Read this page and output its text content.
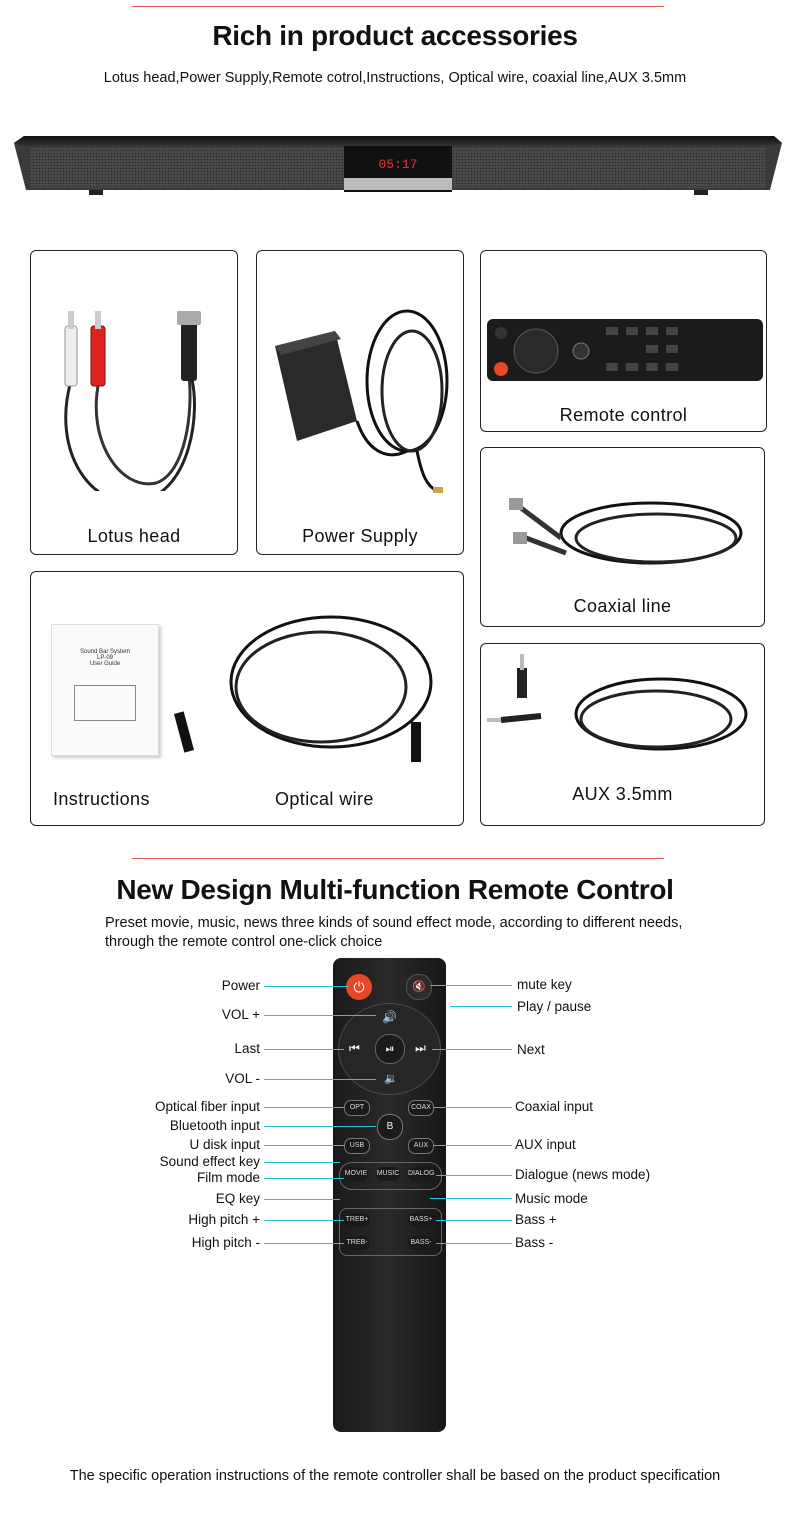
Rich in product accessories
Lotus head,Power Supply,Remote cotrol,Instructions, Optical wire, coaxial line,AUX 3.5mm
05:17
Lotus head	Power Supply
Remote control
Coaxial line
Sound Bar System
LP-09
User Guide
Instructions	Optical wire	AUX 3.5mm
New Design Multi-function Remote Control
Preset movie, music, news three kinds of sound effect mode, according to different needs,
through the remote control one-click choice
⏻	🔇
🔊
⏮	⏯	⏭
🔉
OPT	COAX
B
USB	AUX
MOVIE MUSIC DIALOG
TREB+	BASS+
TREB-	BASS-
Power
VOL +
Last
VOL -
Optical fiber input
Bluetooth input
U disk input
Sound effect key
Film mode
EQ key
High pitch +
High pitch -
mute key
Play / pause
Next
Coaxial input
AUX input
Dialogue (news mode)
Music mode
Bass +
Bass -
The specific operation instructions of the remote controller shall be based on the product specification
